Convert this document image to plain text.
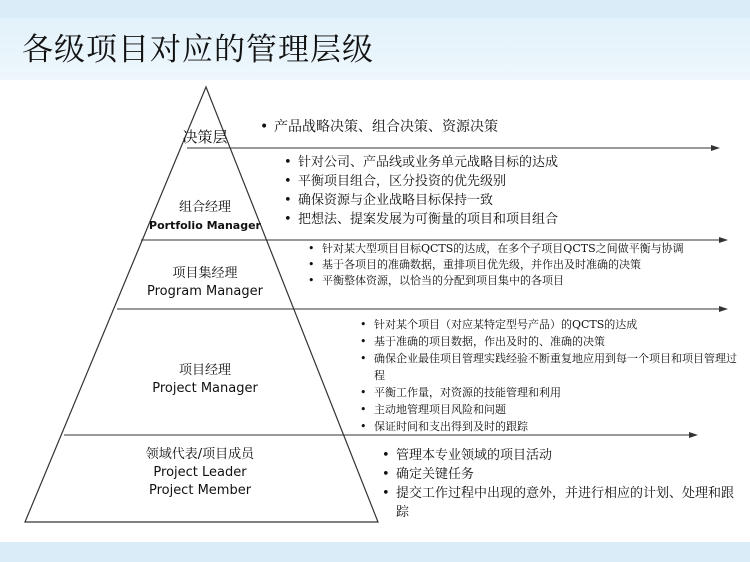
各级项目对应的管理层级
决策层
组合经理
Portfolio Manager
项目集经理
Program Manager
项目经理
Project Manager
领域代表/项目成员
Project Leader
Project Member
• 产品战略决策、组合决策、资源决策
• 针对公司、产品线或业务单元战略目标的达成
• 平衡项目组合，区分投资的优先级别
• 确保资源与企业战略目标保持一致
• 把想法、提案发展为可衡量的项目和项目组合
• 针对某大型项目目标QCTS的达成，在多个子项目QCTS之间做平衡与协调
• 基于各项目的准确数据，重排项目优先级，并作出及时准确的决策
• 平衡整体资源，以恰当的分配到项目集中的各项目
• 针对某个项目（对应某特定型号产品）的QCTS的达成
• 基于准确的项目数据，作出及时的、准确的决策
• 确保企业最佳项目管理实践经验不断重复地应用到每一个项目和项目管理过程
• 平衡工作量，对资源的技能管理和利用
• 主动地管理项目风险和问题
• 保证时间和支出得到及时的跟踪
• 管理本专业领域的项目活动
• 确定关键任务
• 提交工作过程中出现的意外，并进行相应的计划、处理和跟踪
